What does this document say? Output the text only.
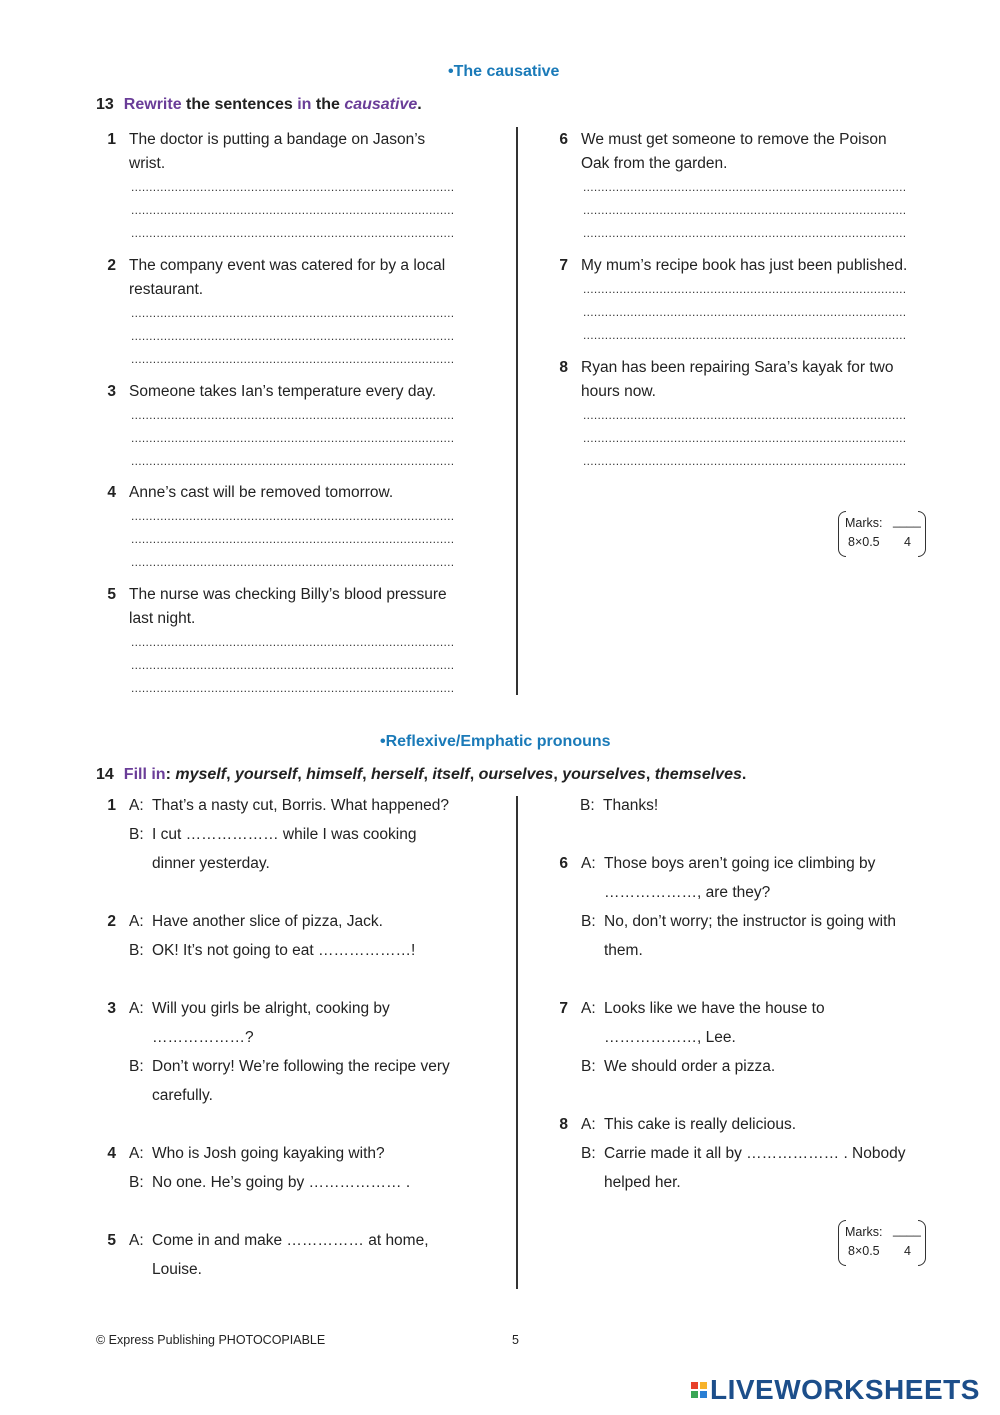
•The causative
13 Rewrite the sentences in the causative.
1 The doctor is putting a bandage on Jason’s
wrist.
.........................................................................................
.........................................................................................
.........................................................................................
2 The company event was catered for by a local
restaurant.
.........................................................................................
.........................................................................................
.........................................................................................
3 Someone takes Ian’s temperature every day.
.........................................................................................
.........................................................................................
.........................................................................................
4 Anne’s cast will be removed tomorrow.
.........................................................................................
.........................................................................................
.........................................................................................
5 The nurse was checking Billy’s blood pressure
last night.
.........................................................................................
.........................................................................................
.........................................................................................
6 We must get someone to remove the Poison
Oak from the garden.
.........................................................................................
.........................................................................................
.........................................................................................
7 My mum’s recipe book has just been published.
.........................................................................................
.........................................................................................
.........................................................................................
8 Ryan has been repairing Sara’s kayak for two
hours now.
.........................................................................................
.........................................................................................
.........................................................................................
Marks: ____
8×0.5 4
•Reflexive/Emphatic pronouns
14 Fill in: myself, yourself, himself, herself, itself, ourselves, yourselves, themselves.
1 A: That’s a nasty cut, Borris. What happened?
B: I cut ……………… while I was cooking
dinner yesterday.
2 A: Have another slice of pizza, Jack.
B: OK! It’s not going to eat ………………!
3 A: Will you girls be alright, cooking by
………………?
B: Don’t worry! We’re following the recipe very
carefully.
4 A: Who is Josh going kayaking with?
B: No one. He’s going by ……………… .
5 A: Come in and make …………… at home,
Louise.
B: Thanks!
6 A: Those boys aren’t going ice climbing by
………………, are they?
B: No, don’t worry; the instructor is going with
them.
7 A: Looks like we have the house to
………………, Lee.
B: We should order a pizza.
8 A: This cake is really delicious.
B: Carrie made it all by ……………… . Nobody
helped her.
Marks: ____
8×0.5 4
© Express Publishing PHOTOCOPIABLE	5

LIVEWORKSHEETS
